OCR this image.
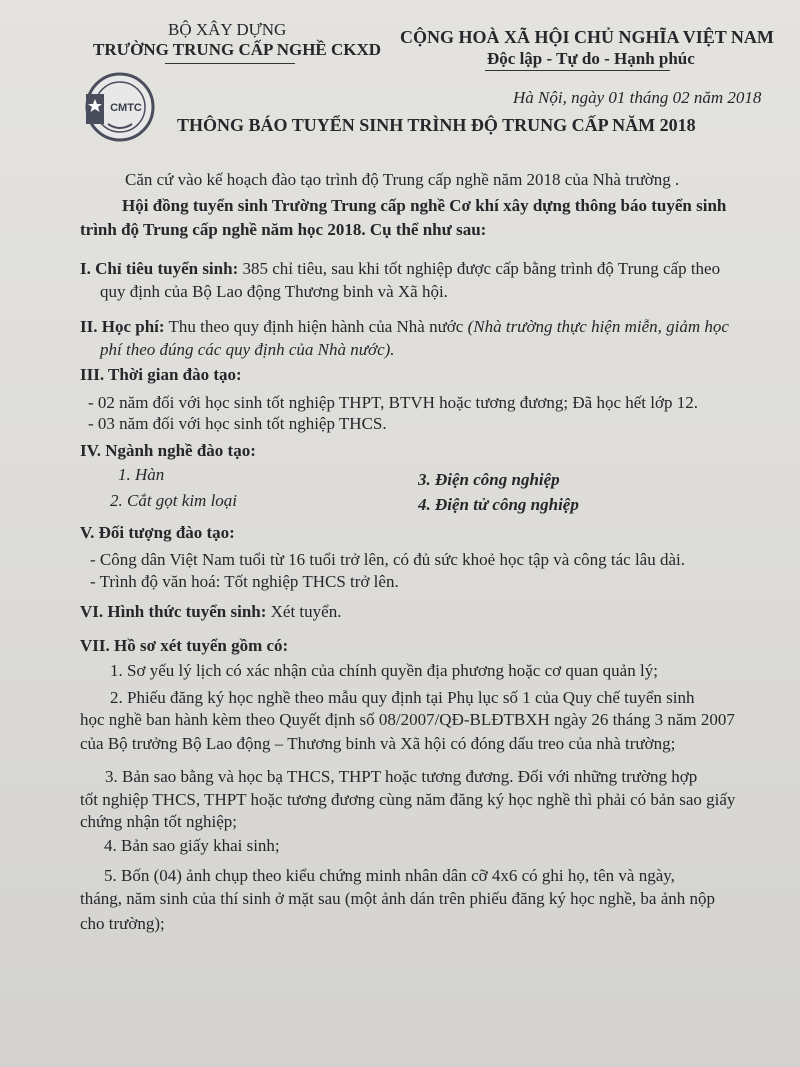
BỘ XÂY DỰNG
TRƯỜNG TRUNG CẤP NGHỀ CKXD
CỘNG HOÀ XÃ HỘI CHỦ NGHĨA VIỆT NAM
Độc lập - Tự do - Hạnh phúc
CMTC
Hà Nội, ngày 01 tháng 02 năm 2018
THÔNG BÁO TUYỂN SINH TRÌNH ĐỘ TRUNG CẤP NĂM 2018
Căn cứ vào kế hoạch đào tạo trình độ Trung cấp nghề năm 2018 của Nhà trường .
Hội đồng tuyển sinh Trường Trung cấp nghề Cơ khí xây dựng thông báo tuyển sinh
trình độ Trung cấp nghề năm học 2018. Cụ thể như sau:
I. Chỉ tiêu tuyển sinh: 385 chỉ tiêu, sau khi tốt nghiệp được cấp bằng trình độ Trung cấp theo
quy định của Bộ Lao động Thương binh và Xã hội.
II. Học phí: Thu theo quy định hiện hành của Nhà nước (Nhà trường thực hiện miễn, giảm học
phí theo đúng các quy định của Nhà nước).
III. Thời gian đào tạo:
- 02 năm đối với học sinh tốt nghiệp THPT, BTVH hoặc tương đương; Đã học hết lớp 12.
- 03 năm đối với học sinh tốt nghiệp THCS.
IV. Ngành nghề đào tạo:
1. Hàn
2. Cắt gọt kim loại
3. Điện công nghiệp
4. Điện tử công nghiệp
V. Đối tượng đào tạo:
- Công dân Việt Nam tuổi từ 16 tuổi trở lên, có đủ sức khoẻ học tập và công tác lâu dài.
- Trình độ văn hoá: Tốt nghiệp THCS trở lên.
VI. Hình thức tuyển sinh: Xét tuyển.
VII. Hồ sơ xét tuyển gồm có:
1. Sơ yếu lý lịch có xác nhận của chính quyền địa phương hoặc cơ quan quản lý;
2. Phiếu đăng ký học nghề theo mẫu quy định tại Phụ lục số 1 của Quy chế tuyển sinh
học nghề ban hành kèm theo Quyết định số 08/2007/QĐ-BLĐTBXH ngày 26 tháng 3 năm 2007
của Bộ trưởng Bộ Lao động – Thương binh và Xã hội có đóng dấu treo của nhà trường;
3. Bản sao bằng và học bạ THCS, THPT hoặc tương đương. Đối với những trường hợp
tốt nghiệp THCS, THPT hoặc tương đương cùng năm đăng ký học nghề thì phải có bản sao giấy
chứng nhận tốt nghiệp;
4. Bản sao giấy khai sinh;
5. Bốn (04) ảnh chụp theo kiểu chứng minh nhân dân cỡ 4x6 có ghi họ, tên và ngày,
tháng, năm sinh của thí sinh ở mặt sau (một ảnh dán trên phiếu đăng ký học nghề, ba ảnh nộp
cho trường);
